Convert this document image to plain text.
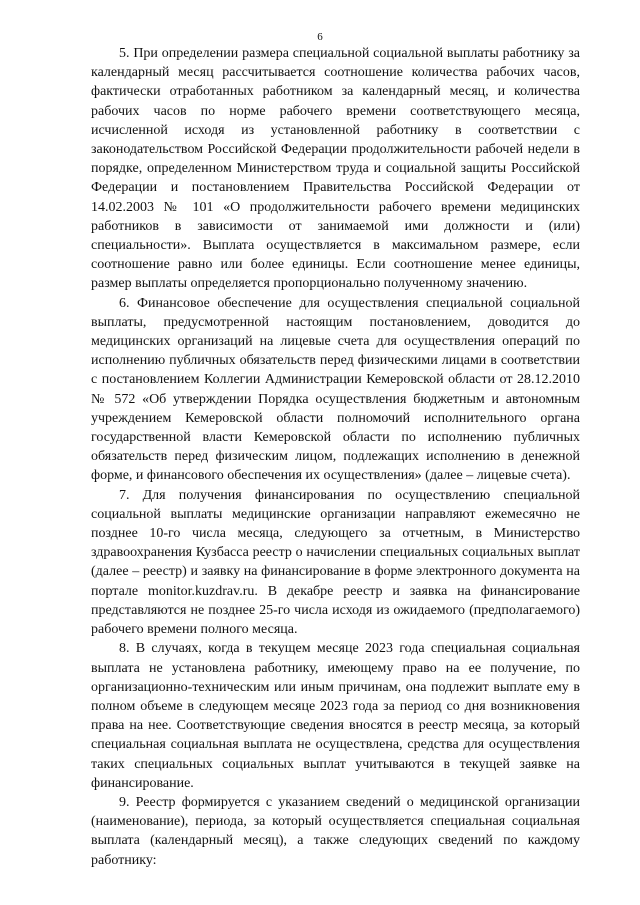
6

5. При определении размера специальной социальной выплаты работнику за календарный месяц рассчитывается соотношение количества рабочих часов, фактически отработанных работником за календарный месяц, и количества рабочих часов по норме рабочего времени соответствующего месяца, исчисленной исходя из установленной работнику в соответствии с законодательством Российской Федерации продолжительности рабочей недели в порядке, определенном Министерством труда и социальной защиты Российской Федерации и постановлением Правительства Российской Федерации от 14.02.2003 № 101 «О продолжительности рабочего времени медицинских работников в зависимости от занимаемой ими должности и (или) специальности». Выплата осуществляется в максимальном размере, если соотношение равно или более единицы. Если соотношение менее единицы, размер выплаты определяется пропорционально полученному значению.

6. Финансовое обеспечение для осуществления специальной социальной выплаты, предусмотренной настоящим постановлением, доводится до медицинских организаций на лицевые счета для осуществления операций по исполнению публичных обязательств перед физическими лицами в соответствии с постановлением Коллегии Администрации Кемеровской области от 28.12.2010 № 572 «Об утверждении Порядка осуществления бюджетным и автономным учреждением Кемеровской области полномочий исполнительного органа государственной власти Кемеровской области по исполнению публичных обязательств перед физическим лицом, подлежащих исполнению в денежной форме, и финансового обеспечения их осуществления» (далее – лицевые счета).

7. Для получения финансирования по осуществлению специальной социальной выплаты медицинские организации направляют ежемесячно не позднее 10-го числа месяца, следующего за отчетным, в Министерство здравоохранения Кузбасса реестр о начислении специальных социальных выплат (далее – реестр) и заявку на финансирование в форме электронного документа на портале monitor.kuzdrav.ru. В декабре реестр и заявка на финансирование представляются не позднее 25-го числа исходя из ожидаемого (предполагаемого) рабочего времени полного месяца.

8. В случаях, когда в текущем месяце 2023 года специальная социальная выплата не установлена работнику, имеющему право на ее получение, по организационно-техническим или иным причинам, она подлежит выплате ему в полном объеме в следующем месяце 2023 года за период со дня возникновения права на нее. Соответствующие сведения вносятся в реестр месяца, за который специальная социальная выплата не осуществлена, средства для осуществления таких специальных социальных выплат учитываются в текущей заявке на финансирование.

9. Реестр формируется с указанием сведений о медицинской организации (наименование), периода, за который осуществляется специальная социальная выплата (календарный месяц), а также следующих сведений по каждому работнику:
